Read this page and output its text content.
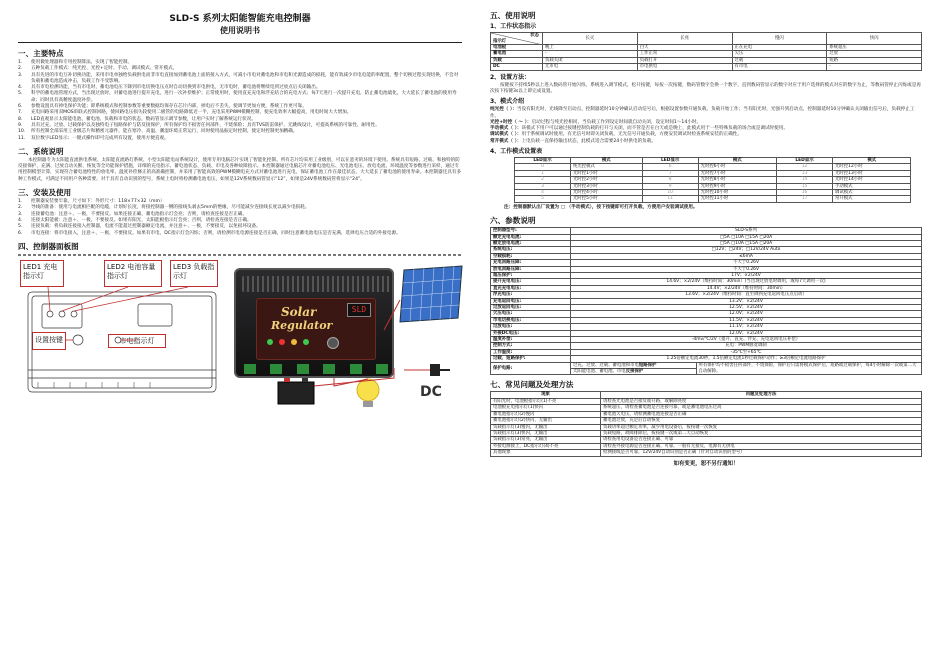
SLD-S 系列太阳能智能充电控制器
使用说明书
一、主要特点
1.	使用微处理器和专用控制算法，实现了智能控制。
2.	五种负载工作模式：纯光控、光控+定时、手动、调试模式、常开模式。
3.	具有先进的市电互补切换功能，采用市电单独给负载供电而非市电直接加到蓄电池上面的接入方式，可减小市电对蓄电池和市电和光源造成的损耗，能有效减少市电电能的率配置，整个切换过程实现切换，不会对负载和蓄电池造成冲击，负载工作不受影响。
4.	具有市电检测功能，当有市电时，蓄电池电压下降到市电切换电压点时自动切换到市电供电，无市电时，蓄电池将继续电到过放点后关闭输出。
5.	科学的蓄电池管理方式，当出现过放时，对蓄电池进行提升充电，进行一次补偿维护；正常使用时，使用直充充电和浮充结合的充电方式；每7天进行一次提升充电，防止蓄电池硫化，大大延长了蓄电池的使用寿命；同时具有高精度温度补偿。
6.	参数设置具有掉电保护功能；即系统模式和控制参数等重要数据均保存在芯片内部，掉电后不丢失，使调节更加方便，系统工作更可靠。
7.	充电回路采用双MOS串联式控制回路，使回路电压损失较使用二极管的电路降低近一半，充电采用PWM模糊控制，使充电效率大幅提高，用电时间大大增加。
8.	LED直观显示太阳能电池、蓄电池、负载和市电的状态，数码管显示调节参数，让用户实时了解系统运行状况。
9.	具有过充、过放、过载保护以及独特电子短路保护与防反接保护，所有保护均不损害任何部件，不烧保险；具有TVS防雷保护、无跳线设计，可提高系统的可靠性、耐用性。
10.	所有控制全部采用工业级芯片和精密元器件，能在寒冷、高温、潮湿环境正常运行，同时使用晶振定时控制，使定时控制更加精确。
11.	双位数字LED显示；一键式操作即可完成所有设置，使用方便直观。
二、系统说明
本控制器专为太阳能直流供电系统、太阳能直流路灯系统、小型太阳能电站系统设计，使用专用电脑芯片实现了智能化控制。所有芯片均采用工业级别，可以在恶劣的环境下使用。系统具有短路、过载、和独特的防反接保护，充满、过放自动关断、恢复等全功能保护措施，详细的充电指示、蓄电池状态、负载、市电及各种故障指示。本控制器通过电脑芯片对蓄电池电压、光电池电压、放电电流、环境温度等参数进行采样，通过专用控制模型计算，实现符合蓄电池特性的放电率、温度补偿修正的高准确控制，并采用了智能高效的PWM模糊电充方式对蓄电池进行充电，保证蓄电池工作在最佳状态，大大延长了蓄电池的使用寿命。本控制器还具有多种工作模式，可满足不同用户各种需要。对于具有自动识别的型号，系统上电时将检测蓄电池电压，如果是12V系统数码管显示“12”，如果是24V系统数码管将显示“24”。
三、安装及使用
1.	控制器安装要牢靠，尺寸如下：外形尺寸：118×77×32（mm）
2.	导线的准备：使用与电流相匹配的电缆，计划好长度，将接控制器一侧的接线头剥去5mm的绝缘，尽可能减少连接线长度以减少电损耗。
3.	连接蓄电池：注意＋、－极，不要接反。如果连接正确，蓄电池指示灯会亮；否则，请检查连接是否正确。
4.	连接太阳能板：注意＋、－极，不要接反。如果有阳光，太阳能板指示灯会亮；否则，请检查连接是否正确。
5.	连接负载：将负载连接接入控制器，电流不能超过控制器额定电流，并注意＋、－极，不要接反，以免损坏设备。
6.	市电连接：将市电接入，注意＋、－极，不要接反。如果有市电，DC指示灯会闪烁；否则，请检测市电电源连接是否正确，同时注意蓄电池电压是否充满，选择电压合适的外接电源。
四、控制器面板图
LED1 充电指示灯
LED2 电池容量指示灯
LED3 负载指示灯
设置按键	市电指示灯
Solar
Regulator
SLD
DC
五、使用说明
1、工作状态指示
状态
指示灯	长灭	长亮	慢闪	快闪
电池板	晚上	白天	正在充电	系统超压
蓄电池	-	工作正常	欠压	过放
负载	负载关闭	负载打开	过载	短路
DC	无市电	市电供电	有市电	-
2、设置方法：
按键按下持续5秒以上进入数码管开始闪烁，系统进入调节模式，松开按键，每按一次按键，数码管数字会换一个数字，直到数码管显示的数字对应于用户选择的模式对应的数字为止，等数码管停止闪烁或是再次按下按键3s以上即完成设置。
3、模式介绍
纯光控（ ）：当没有阳光时，光线降至启动点，控制器延时10分钟确认启动信号后，根据设置参数开通负载，负载开始工作；当有阳光时，光强升到启动点，控制器延时10分钟确认关闭输出信号后，负载停止工作。
光控+时控（ ～ ）：启动过程与纯光控相同，当负载工作到设定时间就自动关闭，设定时间1～14小时。
手动模式（ ）：该模式下用户可以通过按键控制负载的打开与关闭，而不管是否在白天或是晚上，此模式用于一些特殊负载的场合或是调试时使用。
调试模式（ ）：用于系统调试时使用，有光信号时即关闭负载，无光信号开通负载，方便安装调试时检查系统安装的正确性。
常开模式（ ）：上电负载一直保持输出状态，此模式适合需要24小时供电的负载。
4、工作模式设置表
LED显示	模式	LED显示	模式	LED显示	模式
0	纯光控模式	6	光时控6小时	12	光时控12小时
1	光时控1小时	7	光时控7小时	13	光时控13小时
2	光时控2小时	8	光时控8小时	14	光时控14小时
3	光时控3小时	9	光时控9小时	15	手动模式
4	光时控4小时	10	光时控10小时	16	调试模式
5	光时控5小时	11	光时控11小时	17	常开模式
注：控制器默认出厂设置为 □ （手动模式），按下按键即可打开负载，方便用户安装调试使用。
六、参数说明
控制器型号:	SLD-S系列
额定充电电流:	□5A □10A □15A □20A
额定放电电流:	□5A □10A □15A □20A
系统电压:	□12V；□24V；□12V/24V Auto
空载损耗:	≤6mA
充电回路压降:	不大于0.26V
放电回路压降:	不大于0.26V
超压保护:	17V；×2/24V
提升充电电压:	14.6V；×2/24V（维持时间：30min）(当出现过放电时调用，或每7天调用一次)
直充充电电压:	14.4V；×2/24V（维持时间：30min）
浮充电压:	13.6V；×2/24V（维持时间：直至降到充电返回电压点启动）
充电返回电压:	13.2V；×2/24V
过放返回电压:	12.5V；×2/24V
欠压电压:	12.0V；×2/24V
市电切换电压:	11.5V；×2/24V
过放电压:	11.1V；×2/24V
外接DC电压:	12.0V；×2/24V
温度补偿:	-4mv/℃/2V（提升、直充、浮充、充电返回电压补偿）
控制方式:	充电：PWM脉宽调制
工作温度:	-35℃至+65℃
过载、短路保护:	1.25倍额定电流30秒，1.5倍额定电流1秒过载保护动作；≥3倍额定电流短路保护
保护电路:	
过充、过放、过载、蓄电池和市电短路保护	所有保护均不损害任何部件，不烧保险，保护后只需将模式保护后，短路或过载保护，每4小时解除一次或第二天自动解除。
太阳能电池、蓄电池、市电反接保护
七、常见问题及处理方法
现象	问题及处理方法
有阳光时，电池板指示灯(1)不亮	请检查光电池是否接反或开路，或解除亮度
电池板充电指示灯(1)快闪	系统超压，请检查蓄电池是否连接可靠，或是蓄电池电压过高
蓄电池指示灯(2)慢闪	蓄电池欠电压，请检测蓄电池连接是否正确
蓄电池指示灯(2)快闪，无输出	蓄电池过放，充足后自动恢复
负载指示灯(3)慢闪，无输出	负载功率超过额定功率，减少用电设备后，按按键一次恢复
负载指示灯(3)快闪，无输出	负载短路，故障排除后，按按键一次或第二天自动恢复
负载指示灯(3)常亮，无输出	请检查用电设备是否连接正确、可靠
外接电源接上，DC指示灯(4)不亮	请检查外接电源是否连接正确、可靠，一般有无接反，电源有无供电
其他现象	检测接线是否可靠，12V/24V自动识别是否正确（针对自动识别的型号）
如有变更，恕不另行通知！
